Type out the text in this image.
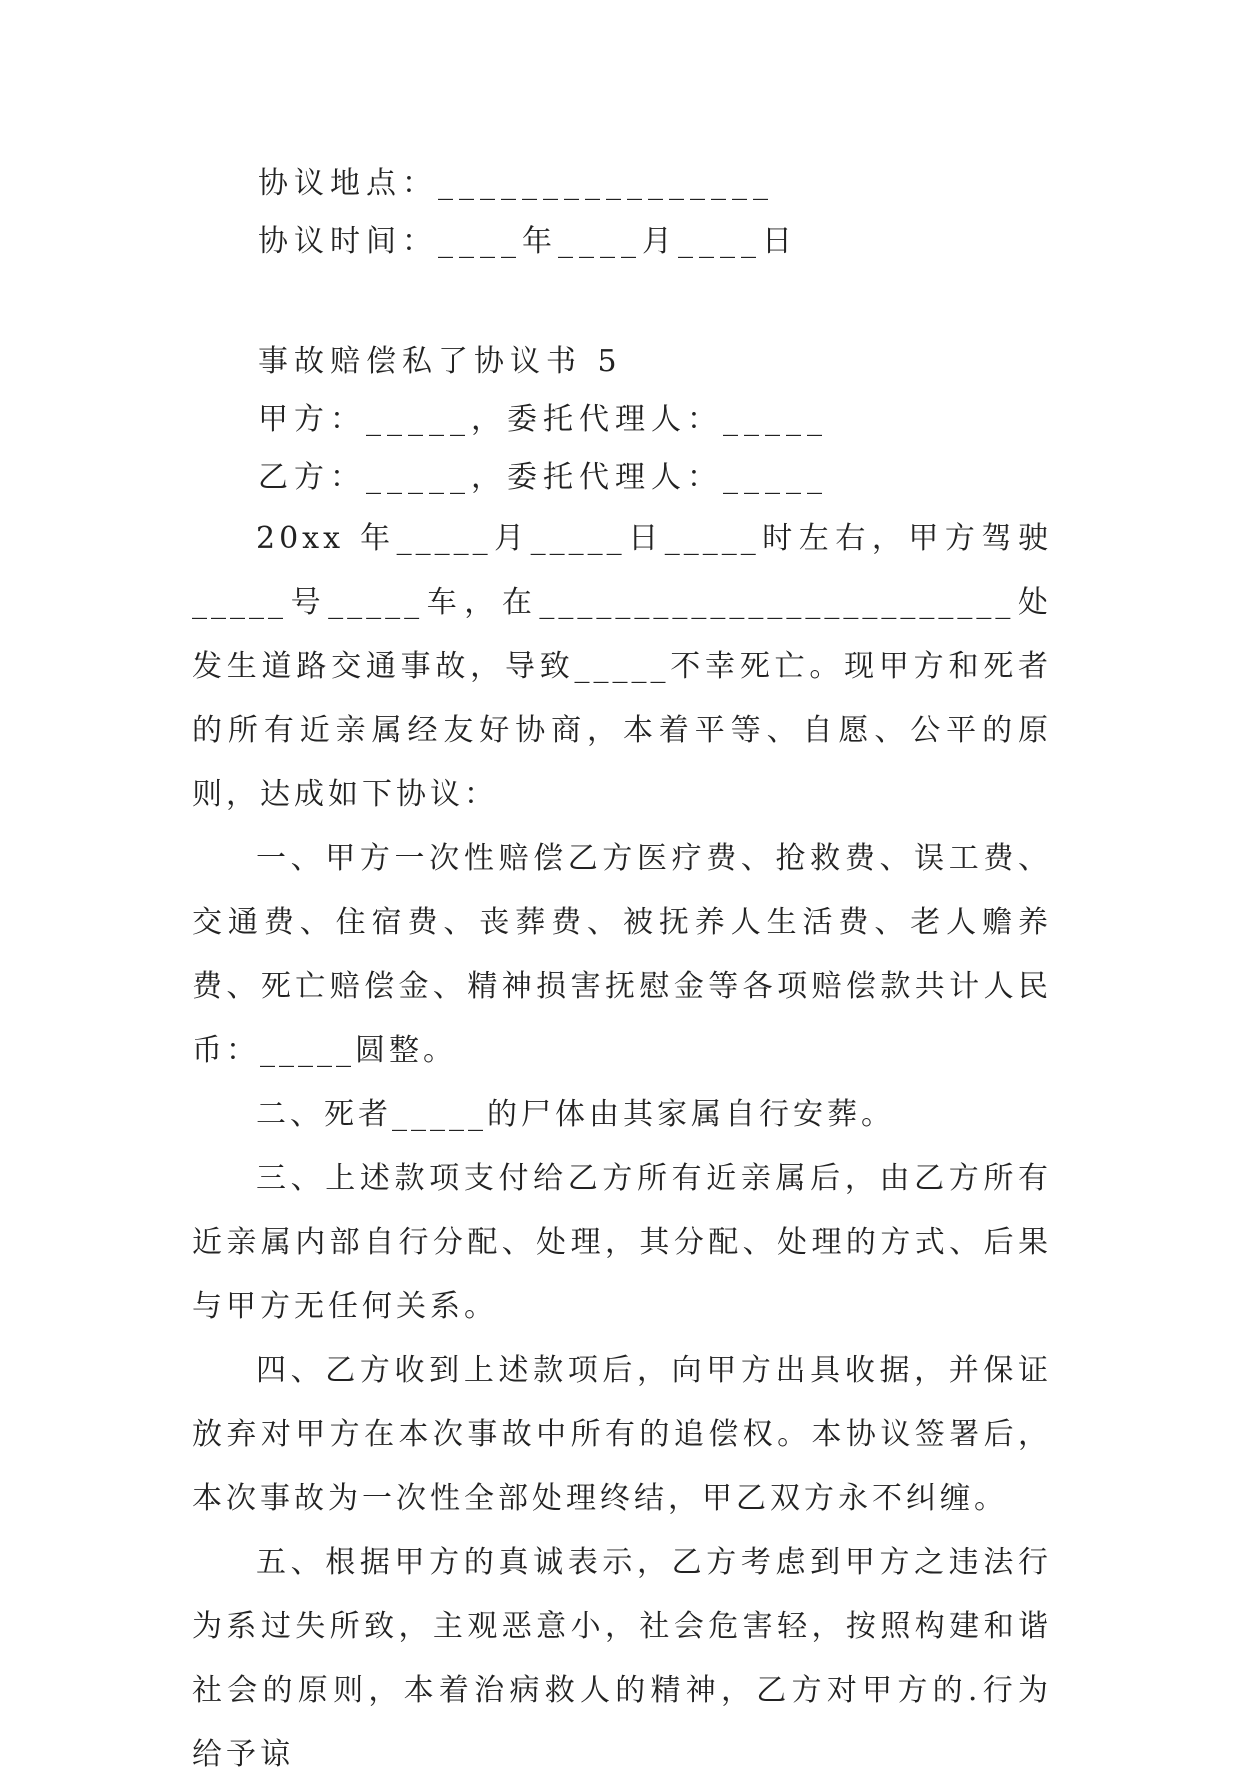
协议地点：________________

协议时间：____年____月____日

事故赔偿私了协议书 5

甲方：_____，委托代理人：_____

乙方：_____，委托代理人：_____

20xx 年_____月_____日_____时左右，甲方驾驶_____号_____车，在_________________________处发生道路交通事故，导致_____不幸死亡。现甲方和死者的所有近亲属经友好协商，本着平等、自愿、公平的原则，达成如下协议：

一、甲方一次性赔偿乙方医疗费、抢救费、误工费、交通费、住宿费、丧葬费、被抚养人生活费、老人赡养费、死亡赔偿金、精神损害抚慰金等各项赔偿款共计人民币：_____圆整。

二、死者_____的尸体由其家属自行安葬。

三、上述款项支付给乙方所有近亲属后，由乙方所有近亲属内部自行分配、处理，其分配、处理的方式、后果与甲方无任何关系。

四、乙方收到上述款项后，向甲方出具收据，并保证放弃对甲方在本次事故中所有的追偿权。本协议签署后，本次事故为一次性全部处理终结，甲乙双方永不纠缠。

五、根据甲方的真诚表示，乙方考虑到甲方之违法行为系过失所致，主观恶意小，社会危害轻，按照构建和谐社会的原则，本着治病救人的精神，乙方对甲方的.行为给予谅
